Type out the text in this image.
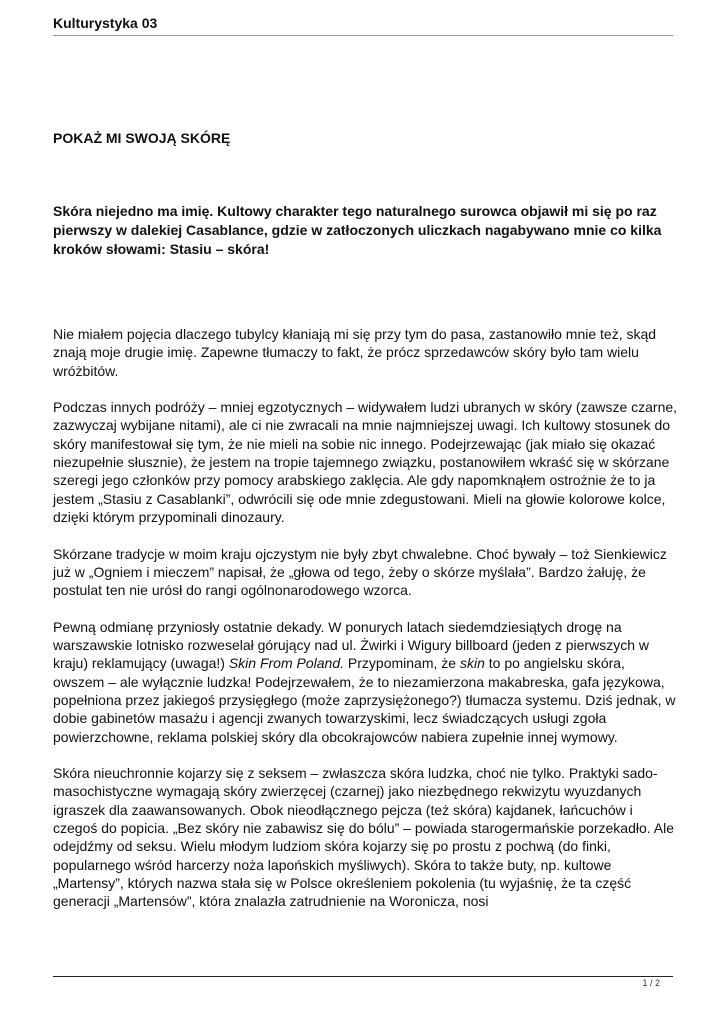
Kulturystyka 03
POKAŻ MI SWOJĄ SKÓRĘ

Skóra niejedno ma imię. Kultowy charakter tego naturalnego surowca objawił mi się po raz pierwszy w dalekiej Casablance, gdzie w zatłoczonych uliczkach nagabywano mnie co kilka kroków słowami: Stasiu – skóra!

Nie miałem pojęcia dlaczego tubylcy kłaniają mi się przy tym do pasa, zastanowiło mnie też, skąd znają moje drugie imię. Zapewne tłumaczy to fakt, że prócz sprzedawców skóry było tam wielu wróżbitów.

Podczas innych podróży – mniej egzotycznych – widywałem ludzi ubranych w skóry (zawsze czarne, zazwyczaj wybijane nitami), ale ci nie zwracali na mnie najmniejszej uwagi. Ich kultowy stosunek do skóry manifestował się tym, że nie mieli na sobie nic innego. Podejrzewając (jak miało się okazać niezupełnie słusznie), że jestem na tropie tajemnego związku, postanowiłem wkraść się w skórzane szeregi jego członków przy pomocy arabskiego zaklęcia. Ale gdy napomknąłem ostrożnie że to ja jestem „Stasiu z Casablanki”, odwrócili się ode mnie zdegustowani. Mieli na głowie kolorowe kolce, dzięki którym przypominali dinozaury.

Skórzane tradycje w moim kraju ojczystym nie były zbyt chwalebne. Choć bywały – toż Sienkiewicz już w „Ogniem i mieczem” napisał, że „głowa od tego, żeby o skórze myślała”. Bardzo żałuję, że postulat ten nie urósł do rangi ogólnonarodowego wzorca.

Pewną odmianę przyniosły ostatnie dekady. W ponurych latach siedemdziesiątych drogę na warszawskie lotnisko rozweselał górujący nad ul. Żwirki i Wigury billboard (jeden z pierwszych w kraju) reklamujący (uwaga!) Skin From Poland. Przypominam, że skin to po angielsku skóra, owszem – ale wyłącznie ludzka! Podejrzewałem, że to niezamierzona makabreska, gafa językowa, popełniona przez jakiegoś przysięgłego (może zaprzysiężonego?) tłumacza systemu. Dziś jednak, w dobie gabinetów masażu i agencji zwanych towarzyskimi, lecz świadczących usługi zgoła powierzchowne, reklama polskiej skóry dla obcokrajowców nabiera zupełnie innej wymowy.

Skóra nieuchronnie kojarzy się z seksem – zwłaszcza skóra ludzka, choć nie tylko. Praktyki sado-masochistyczne wymagają skóry zwierzęcej (czarnej) jako niezbędnego rekwizytu wyuzdanych igraszek dla zaawansowanych. Obok nieodłącznego pejcza (też skóra) kajdanek, łańcuchów i czegoś do popicia. „Bez skóry nie zabawisz się do bólu” – powiada starogermańskie porzekadło. Ale odejdźmy od seksu. Wielu młodym ludziom skóra kojarzy się po prostu z pochwą (do finki, popularnego wśród harcerzy noża lapońskich myśliwych). Skóra to także buty, np. kultowe „Martensy”, których nazwa stała się w Polsce określeniem pokolenia (tu wyjaśnię, że ta część generacji „Martensów”, która znalazła zatrudnienie na Woronicza, nosi

1 / 2
